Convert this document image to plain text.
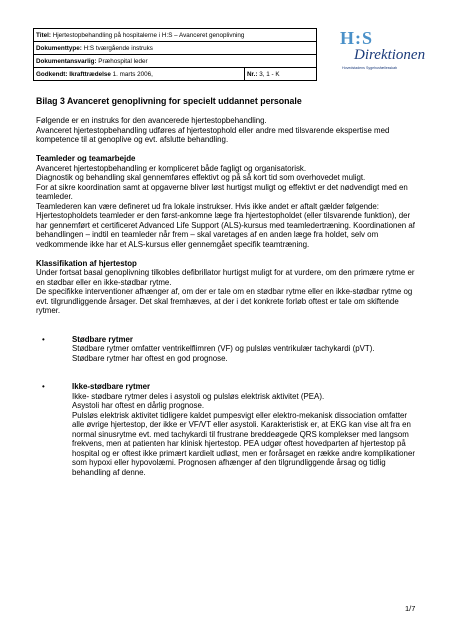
Titel: Hjertestopbehandling på hospitalerne i H:S – Avanceret genoplivning
Dokumenttype: H:S tværgående instruks
Dokumentansvarlig: Præhospital leder
Godkendt: Ikrafttrædelse 1. marts 2006,	Nr.: 3, 1 - K
H:S
Direktionen
Hovedstadens Sygehusfællesskab
Bilag 3 Avanceret genoplivning for specielt uddannet personale

Følgende er en instruks for den avancerede hjertestopbehandling.
Avanceret hjertestopbehandling udføres af hjertestophold eller andre med tilsvarende ekspertise med kompetence til at genoplive og evt. afslutte behandling.

Teamleder og teamarbejde

Avanceret hjertestopbehandling er kompliceret både fagligt og organisatorisk.
Diagnostik og behandling skal gennemføres effektivt og på så kort tid som overhovedet muligt.
For at sikre koordination samt at opgaverne bliver løst hurtigst muligt og effektivt er det nødvendigt med en teamleder.
Teamlederen kan være defineret ud fra lokale instrukser. Hvis ikke andet er aftalt gælder følgende: Hjertestopholdets teamleder er den først-ankomne læge fra hjertestopholdet (eller tilsvarende funktion), der har gennemført et certificeret Advanced Life Support (ALS)-kursus med teamledertræning. Koordinationen af behandlingen – indtil en teamleder når frem – skal varetages af en anden læge fra holdet, selv om vedkommende ikke har et ALS-kursus eller gennemgået specifik teamtræning.

Klassifikation af hjertestop

Under fortsat basal genoplivning tilkobles defibrillator hurtigst muligt for at vurdere, om den primære rytme er en stødbar eller en ikke-stødbar rytme.
De specifikke interventioner afhænger af, om der er tale om en stødbar rytme eller en ikke-stødbar rytme og evt. tilgrundliggende årsager. Det skal fremhæves, at der i det konkrete forløb oftest er tale om skiftende rytmer.

•	Stødbare rytmer
Stødbare rytmer omfatter ventrikelflimren (VF) og pulsløs ventrikulær tachykardi (pVT).
Stødbare rytmer har oftest en god prognose.

•	Ikke-stødbare rytmer
Ikke- stødbare rytmer deles i asystoli og pulsløs elektrisk aktivitet (PEA).
Asystoli har oftest en dårlig prognose.
Pulsløs elektrisk aktivitet tidligere kaldet pumpesvigt eller elektro-mekanisk dissociation omfatter alle øvrige hjertestop, der ikke er VF/VT eller asystoli. Karakteristisk er, at EKG kan vise alt fra en normal sinusrytme evt. med tachykardi til frustrane breddeøgede QRS komplekser med langsom frekvens, men at patienten har klinisk hjertestop. PEA udgør oftest hovedparten af hjertestop på hospital og er oftest ikke primært kardielt udløst, men er forårsaget en række andre komplikationer som hypoxi eller hypovolæmi. Prognosen afhænger af den tilgrundliggende årsag og tidlig behandling af denne.
1/7
